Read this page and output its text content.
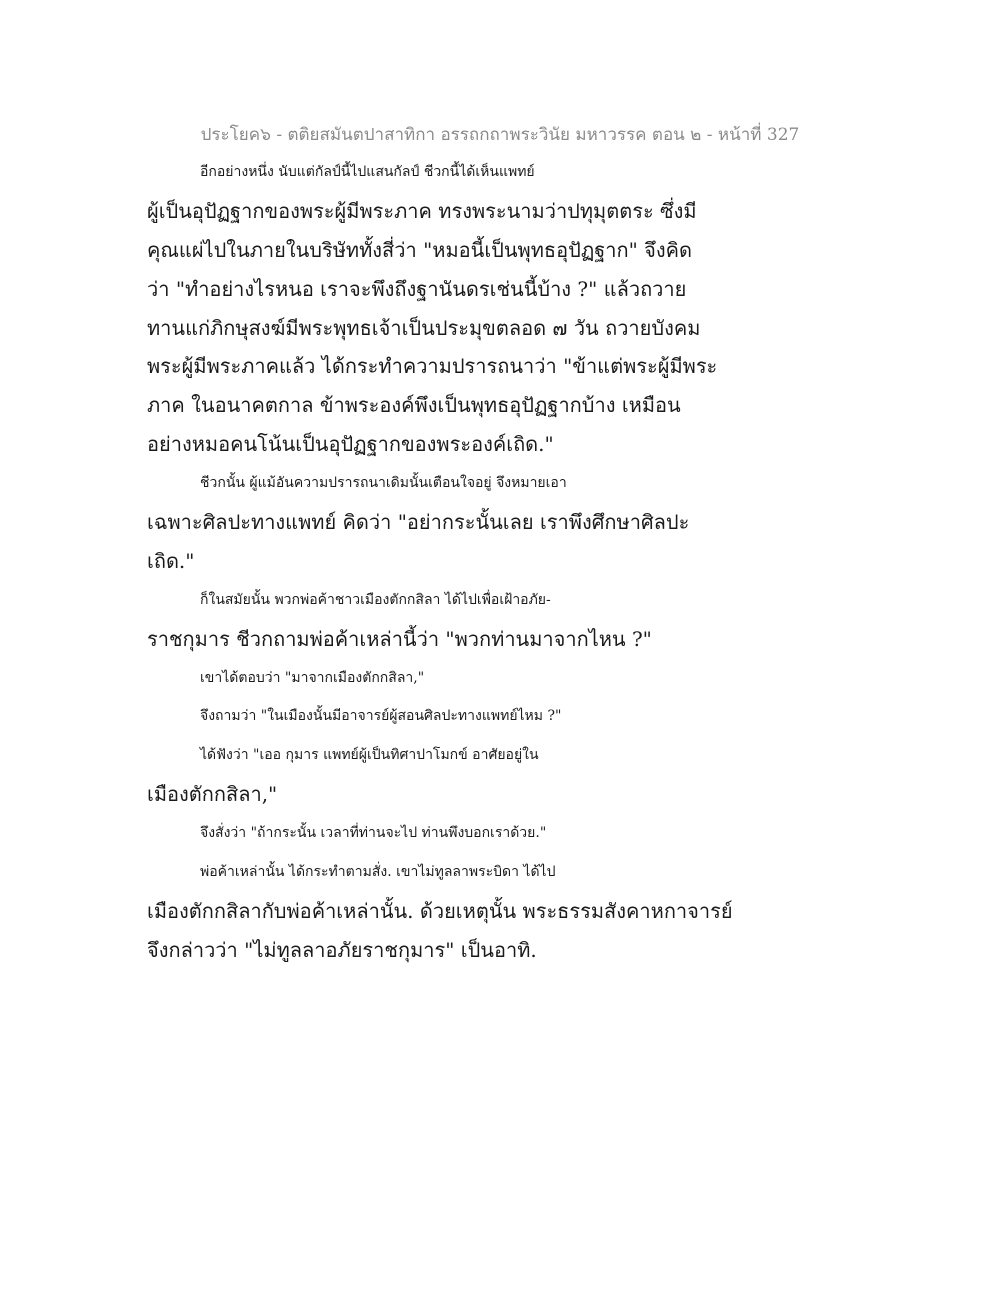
ประโยค๖ - ตติยสมันตปาสาทิกา อรรถกถาพระวินัย มหาวรรค ตอน ๒ - หน้าที่ 327
อีกอย่างหนึ่ง นับแต่กัลป์นี้ไปแสนกัลป์ ชีวกนี้ได้เห็นแพทย์
ผู้เป็นอุปัฏฐากของพระผู้มีพระภาค ทรงพระนามว่าปทุมุตตระ ซึ่งมี
คุณแผ่ไปในภายในบริษัททั้งสี่ว่า "หมอนี้เป็นพุทธอุปัฏฐาก" จึงคิด
ว่า "ทำอย่างไรหนอ เราจะพึงถึงฐานันดรเช่นนี้บ้าง ?" แล้วถวาย
ทานแก่ภิกษุสงฆ์มีพระพุทธเจ้าเป็นประมุขตลอด ๗ วัน ถวายบังคม
พระผู้มีพระภาคแล้ว ได้กระทำความปรารถนาว่า "ข้าแต่พระผู้มีพระ
ภาค ในอนาคตกาล ข้าพระองค์พึงเป็นพุทธอุปัฏฐากบ้าง เหมือน
อย่างหมอคนโน้นเป็นอุปัฏฐากของพระองค์เถิด."
ชีวกนั้น ผู้แม้อันความปรารถนาเดิมนั้นเตือนใจอยู่ จึงหมายเอา
เฉพาะศิลปะทางแพทย์ คิดว่า "อย่ากระนั้นเลย เราพึงศึกษาศิลปะ
เถิด."
ก็ในสมัยนั้น พวกพ่อค้าชาวเมืองตักกสิลา ได้ไปเพื่อเฝ้าอภัย-
ราชกุมาร ชีวกถามพ่อค้าเหล่านี้ว่า "พวกท่านมาจากไหน ?"
เขาได้ตอบว่า "มาจากเมืองตักกสิลา,"
จึงถามว่า "ในเมืองนั้นมีอาจารย์ผู้สอนศิลปะทางแพทย์ไหม ?"
ได้ฟังว่า "เออ กุมาร แพทย์ผู้เป็นทิศาปาโมกข์ อาศัยอยู่ใน
เมืองตักกสิลา,"
จึงสั่งว่า "ถ้ากระนั้น เวลาที่ท่านจะไป ท่านพึงบอกเราด้วย."
พ่อค้าเหล่านั้น ได้กระทำตามสั่ง. เขาไม่ทูลลาพระบิดา ได้ไป
เมืองตักกสิลากับพ่อค้าเหล่านั้น. ด้วยเหตุนั้น พระธรรมสังคาหกาจารย์
จึงกล่าวว่า "ไม่ทูลลาอภัยราชกุมาร" เป็นอาทิ.
